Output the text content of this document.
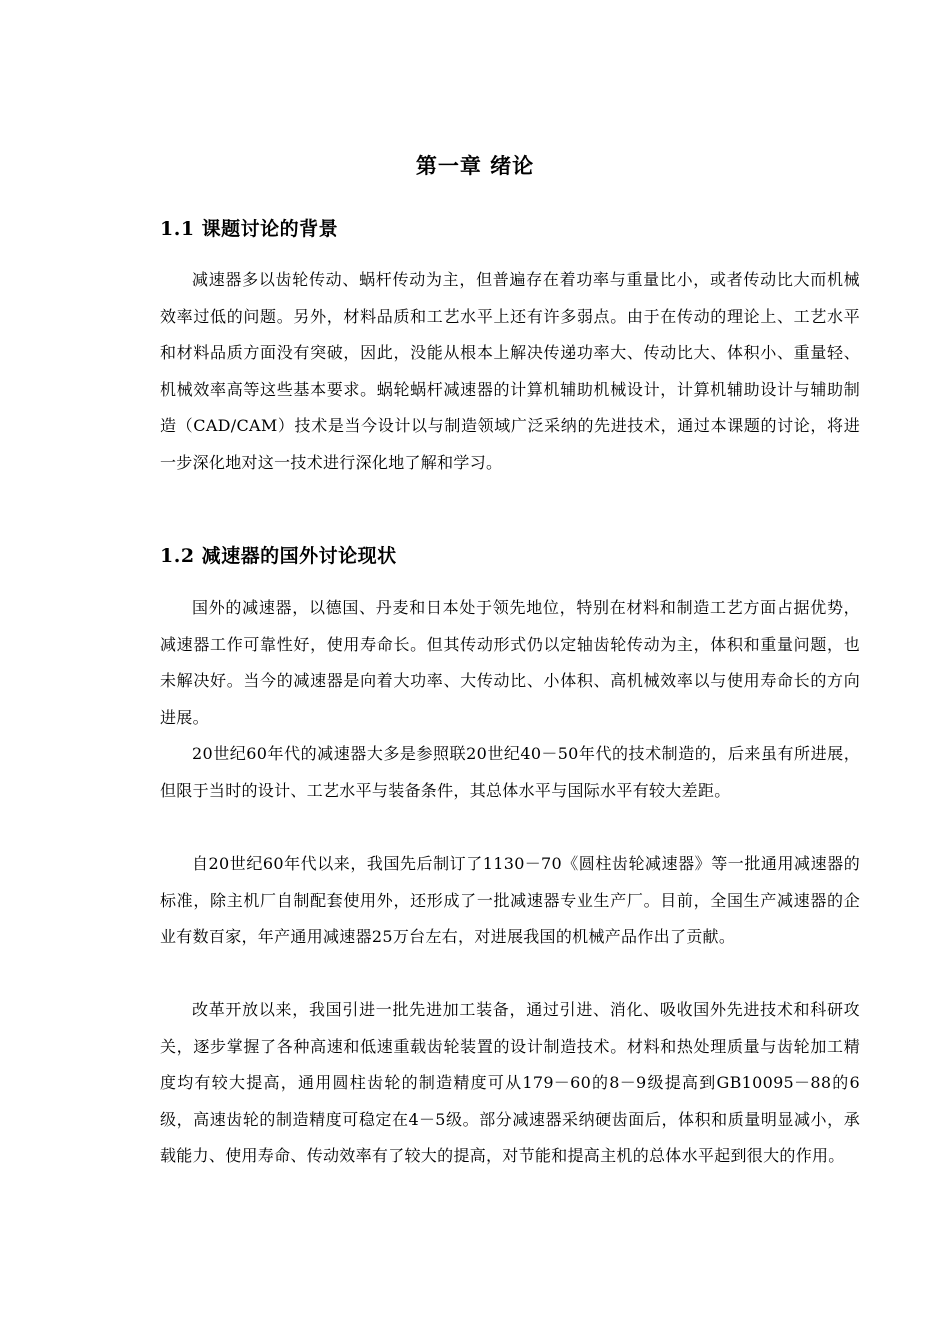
第一章 绪论
1.1 课题讨论的背景

减速器多以齿轮传动、蜗杆传动为主，但普遍存在着功率与重量比小，或者传动比大而机械效率过低的问题。另外，材料品质和工艺水平上还有许多弱点。由于在传动的理论上、工艺水平和材料品质方面没有突破，因此，没能从根本上解决传递功率大、传动比大、体积小、重量轻、机械效率高等这些基本要求。蜗轮蜗杆减速器的计算机辅助机械设计，计算机辅助设计与辅助制造（CAD/CAM）技术是当今设计以与制造领域广泛采纳的先进技术，通过本课题的讨论，将进一步深化地对这一技术进行深化地了解和学习。

1.2 减速器的国外讨论现状

国外的减速器，以德国、丹麦和日本处于领先地位，特别在材料和制造工艺方面占据优势，减速器工作可靠性好，使用寿命长。但其传动形式仍以定轴齿轮传动为主，体积和重量问题，也未解决好。当今的减速器是向着大功率、大传动比、小体积、高机械效率以与使用寿命长的方向进展。

20世纪60年代的减速器大多是参照联20世纪40－50年代的技术制造的，后来虽有所进展，但限于当时的设计、工艺水平与装备条件，其总体水平与国际水平有较大差距。

自20世纪60年代以来，我国先后制订了1130－70《圆柱齿轮减速器》等一批通用减速器的标准，除主机厂自制配套使用外，还形成了一批减速器专业生产厂。目前，全国生产减速器的企业有数百家，年产通用减速器25万台左右，对进展我国的机械产品作出了贡献。

改革开放以来，我国引进一批先进加工装备，通过引进、消化、吸收国外先进技术和科研攻关，逐步掌握了各种高速和低速重载齿轮装置的设计制造技术。材料和热处理质量与齿轮加工精度均有较大提高，通用圆柱齿轮的制造精度可从179－60的8－9级提高到GB10095－88的6级，高速齿轮的制造精度可稳定在4－5级。部分减速器采纳硬齿面后，体积和质量明显减小，承载能力、使用寿命、传动效率有了较大的提高，对节能和提高主机的总体水平起到很大的作用。
